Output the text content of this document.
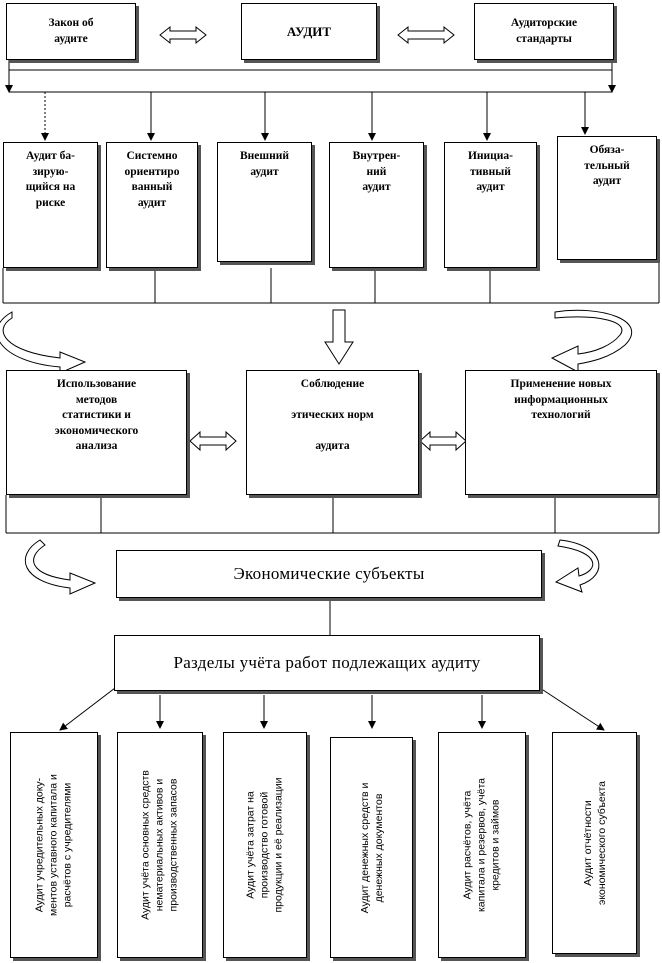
Закон об
аудите	АУДИТ
Аудиторские
стандарты
Аудит ба-
зирую-
щийся на
риске
Системно
ориентиро
ванный
аудит
Внешний
аудит
Внутрен-
ний
аудит
Инициа-
тивный
аудит
Обяза-
тельный
аудит
Использование
методов
статистики и
экономического
анализа
Соблюдение

этических норм

аудита
Применение новых
информационных
технологий
Экономические субъекты
Разделы учёта работ подлежащих аудиту
Аудит учредительных доку-
ментов уставного капитала и
расчётов с учредителями
Аудит учёта основных средств
нематериальных активов и
производственных запасов
Аудит учёта затрат на
производство готовой
продукции и её реализации
Аудит денежных средств и
денежных документов
Аудит расчётов, учёта
капитала и резервов, учёта
кредитов и займов
Аудит отчётности
экономического субъекта
